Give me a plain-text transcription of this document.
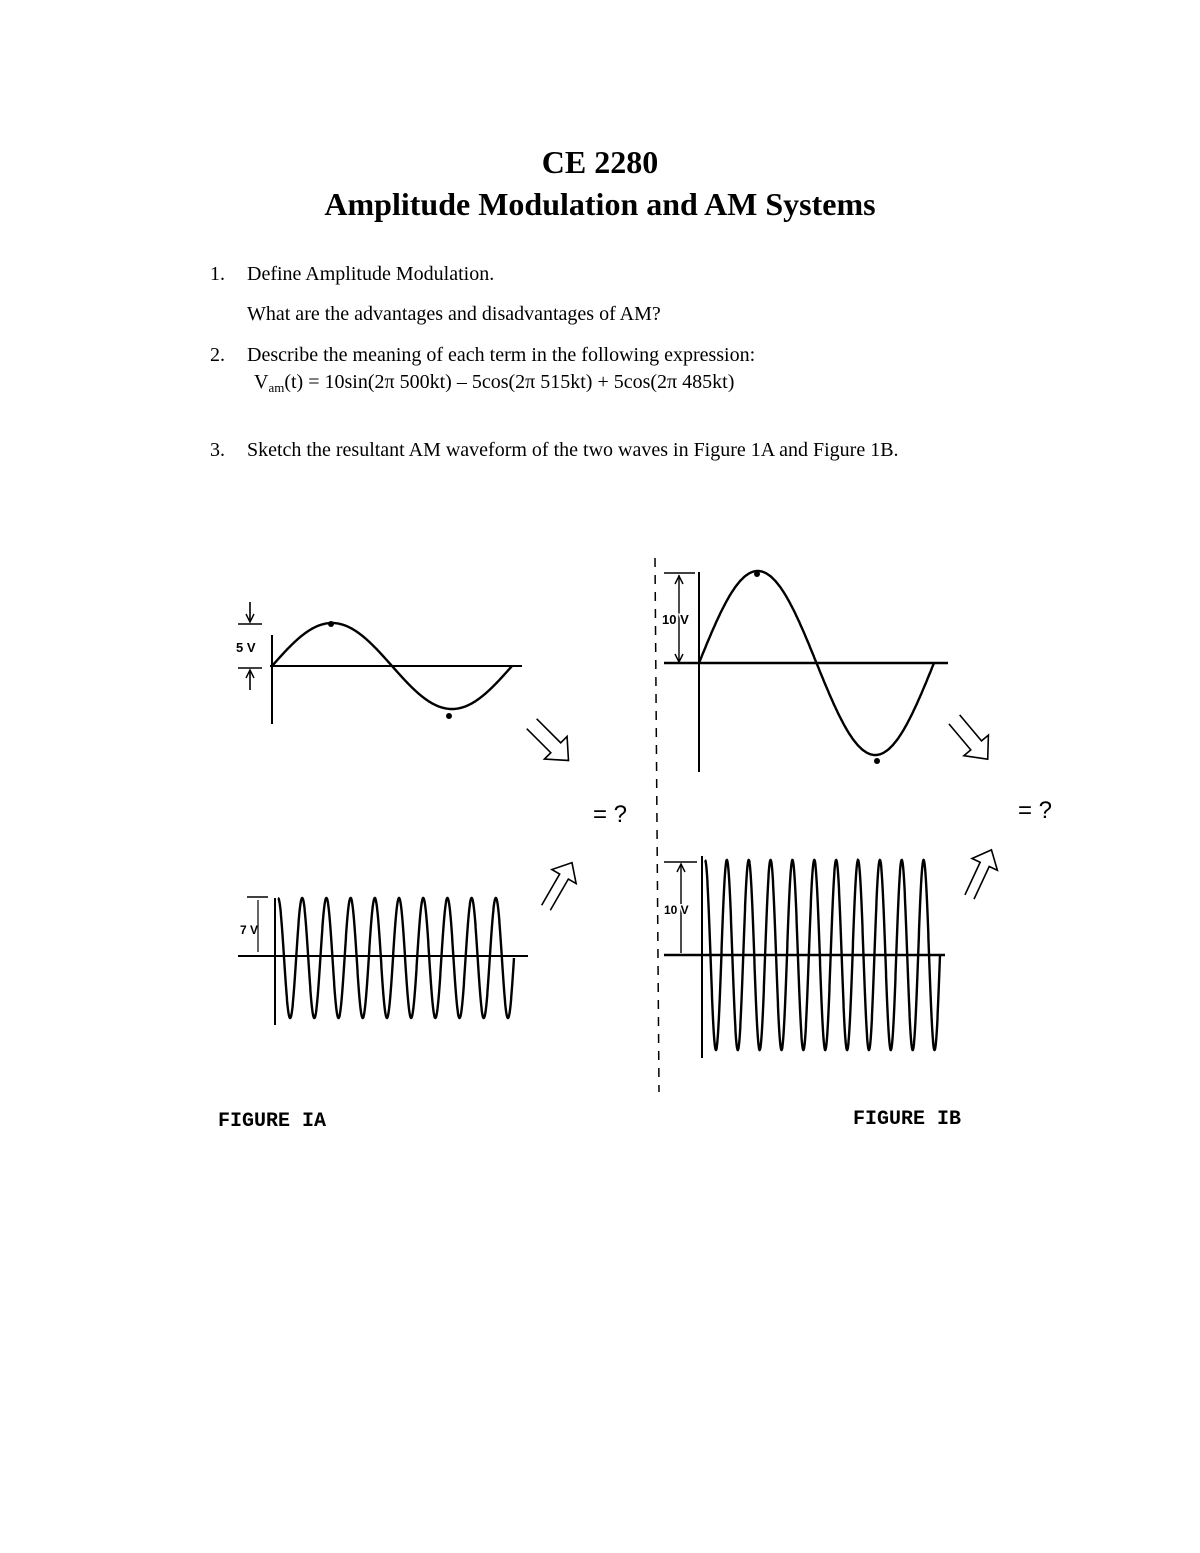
CE 2280
Amplitude Modulation and AM Systems
1.	Define Amplitude Modulation.
What are the advantages and disadvantages of AM?
2.	Describe the meaning of each term in the following expression:
$V_{am}(t) = 10\sin(2\pi$ 500kt) – 5cos(2π 515kt) + 5cos(2π 485kt)
3.	Sketch the resultant AM waveform of the two waves in Figure 1A and Figure 1B.
5 V
= ?
7 V
FIGURE IA
10 V
= ?
10 V
FIGURE IB
